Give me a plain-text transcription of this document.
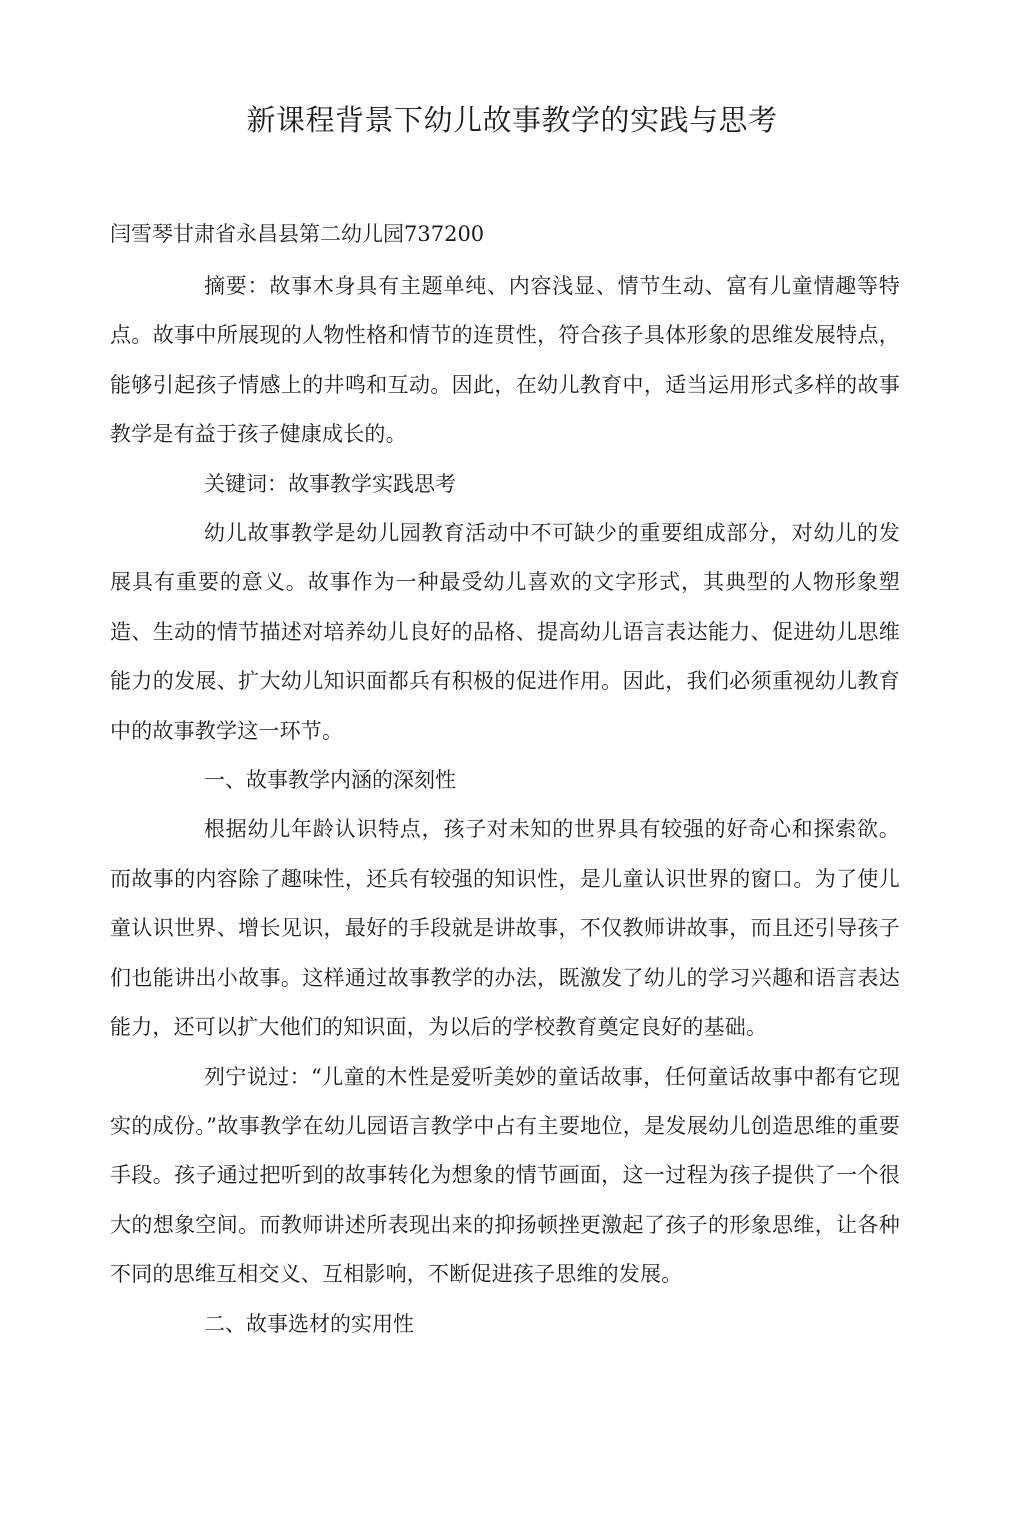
新课程背景下幼儿故事教学的实践与思考

闫雪琴甘肃省永昌县第二幼儿园737200

摘要：故事木身具有主题单纯、内容浅显、情节生动、富有儿童情趣等特点。故事中所展现的人物性格和情节的连贯性，符合孩子具体形象的思维发展特点，能够引起孩子情感上的井鸣和互动。因此，在幼儿教育中，适当运用形式多样的故事教学是有益于孩子健康成长的。

关键词：故事教学实践思考

幼儿故事教学是幼儿园教育活动中不可缺少的重要组成部分，对幼儿的发展具有重要的意义。故事作为一种最受幼儿喜欢的文字形式，其典型的人物形象塑造、生动的情节描述对培养幼儿良好的品格、提高幼儿语言表达能力、促进幼儿思维能力的发展、扩大幼儿知识面都兵有积极的促进作用。因此，我们必须重视幼儿教育中的故事教学这一环节。

一、故事教学内涵的深刻性

根据幼儿年龄认识特点，孩子对未知的世界具有较强的好奇心和探索欲。而故事的内容除了趣味性，还兵有较强的知识性，是儿童认识世界的窗口。为了使儿童认识世界、增长见识，最好的手段就是讲故事，不仅教师讲故事，而且还引导孩子们也能讲出小故事。这样通过故事教学的办法，既激发了幼儿的学习兴趣和语言表达能力，还可以扩大他们的知识面，为以后的学校教育奠定良好的基础。

列宁说过：“儿童的木性是爱听美妙的童话故事，任何童话故事中都有它现实的成份。”故事教学在幼儿园语言教学中占有主要地位，是发展幼儿创造思维的重要手段。孩子通过把听到的故事转化为想象的情节画面，这一过程为孩子提供了一个很大的想象空间。而教师讲述所表现出来的抑扬顿挫更激起了孩子的形象思维，让各种不同的思维互相交义、互相影响，不断促进孩子思维的发展。

二、故事选材的实用性
